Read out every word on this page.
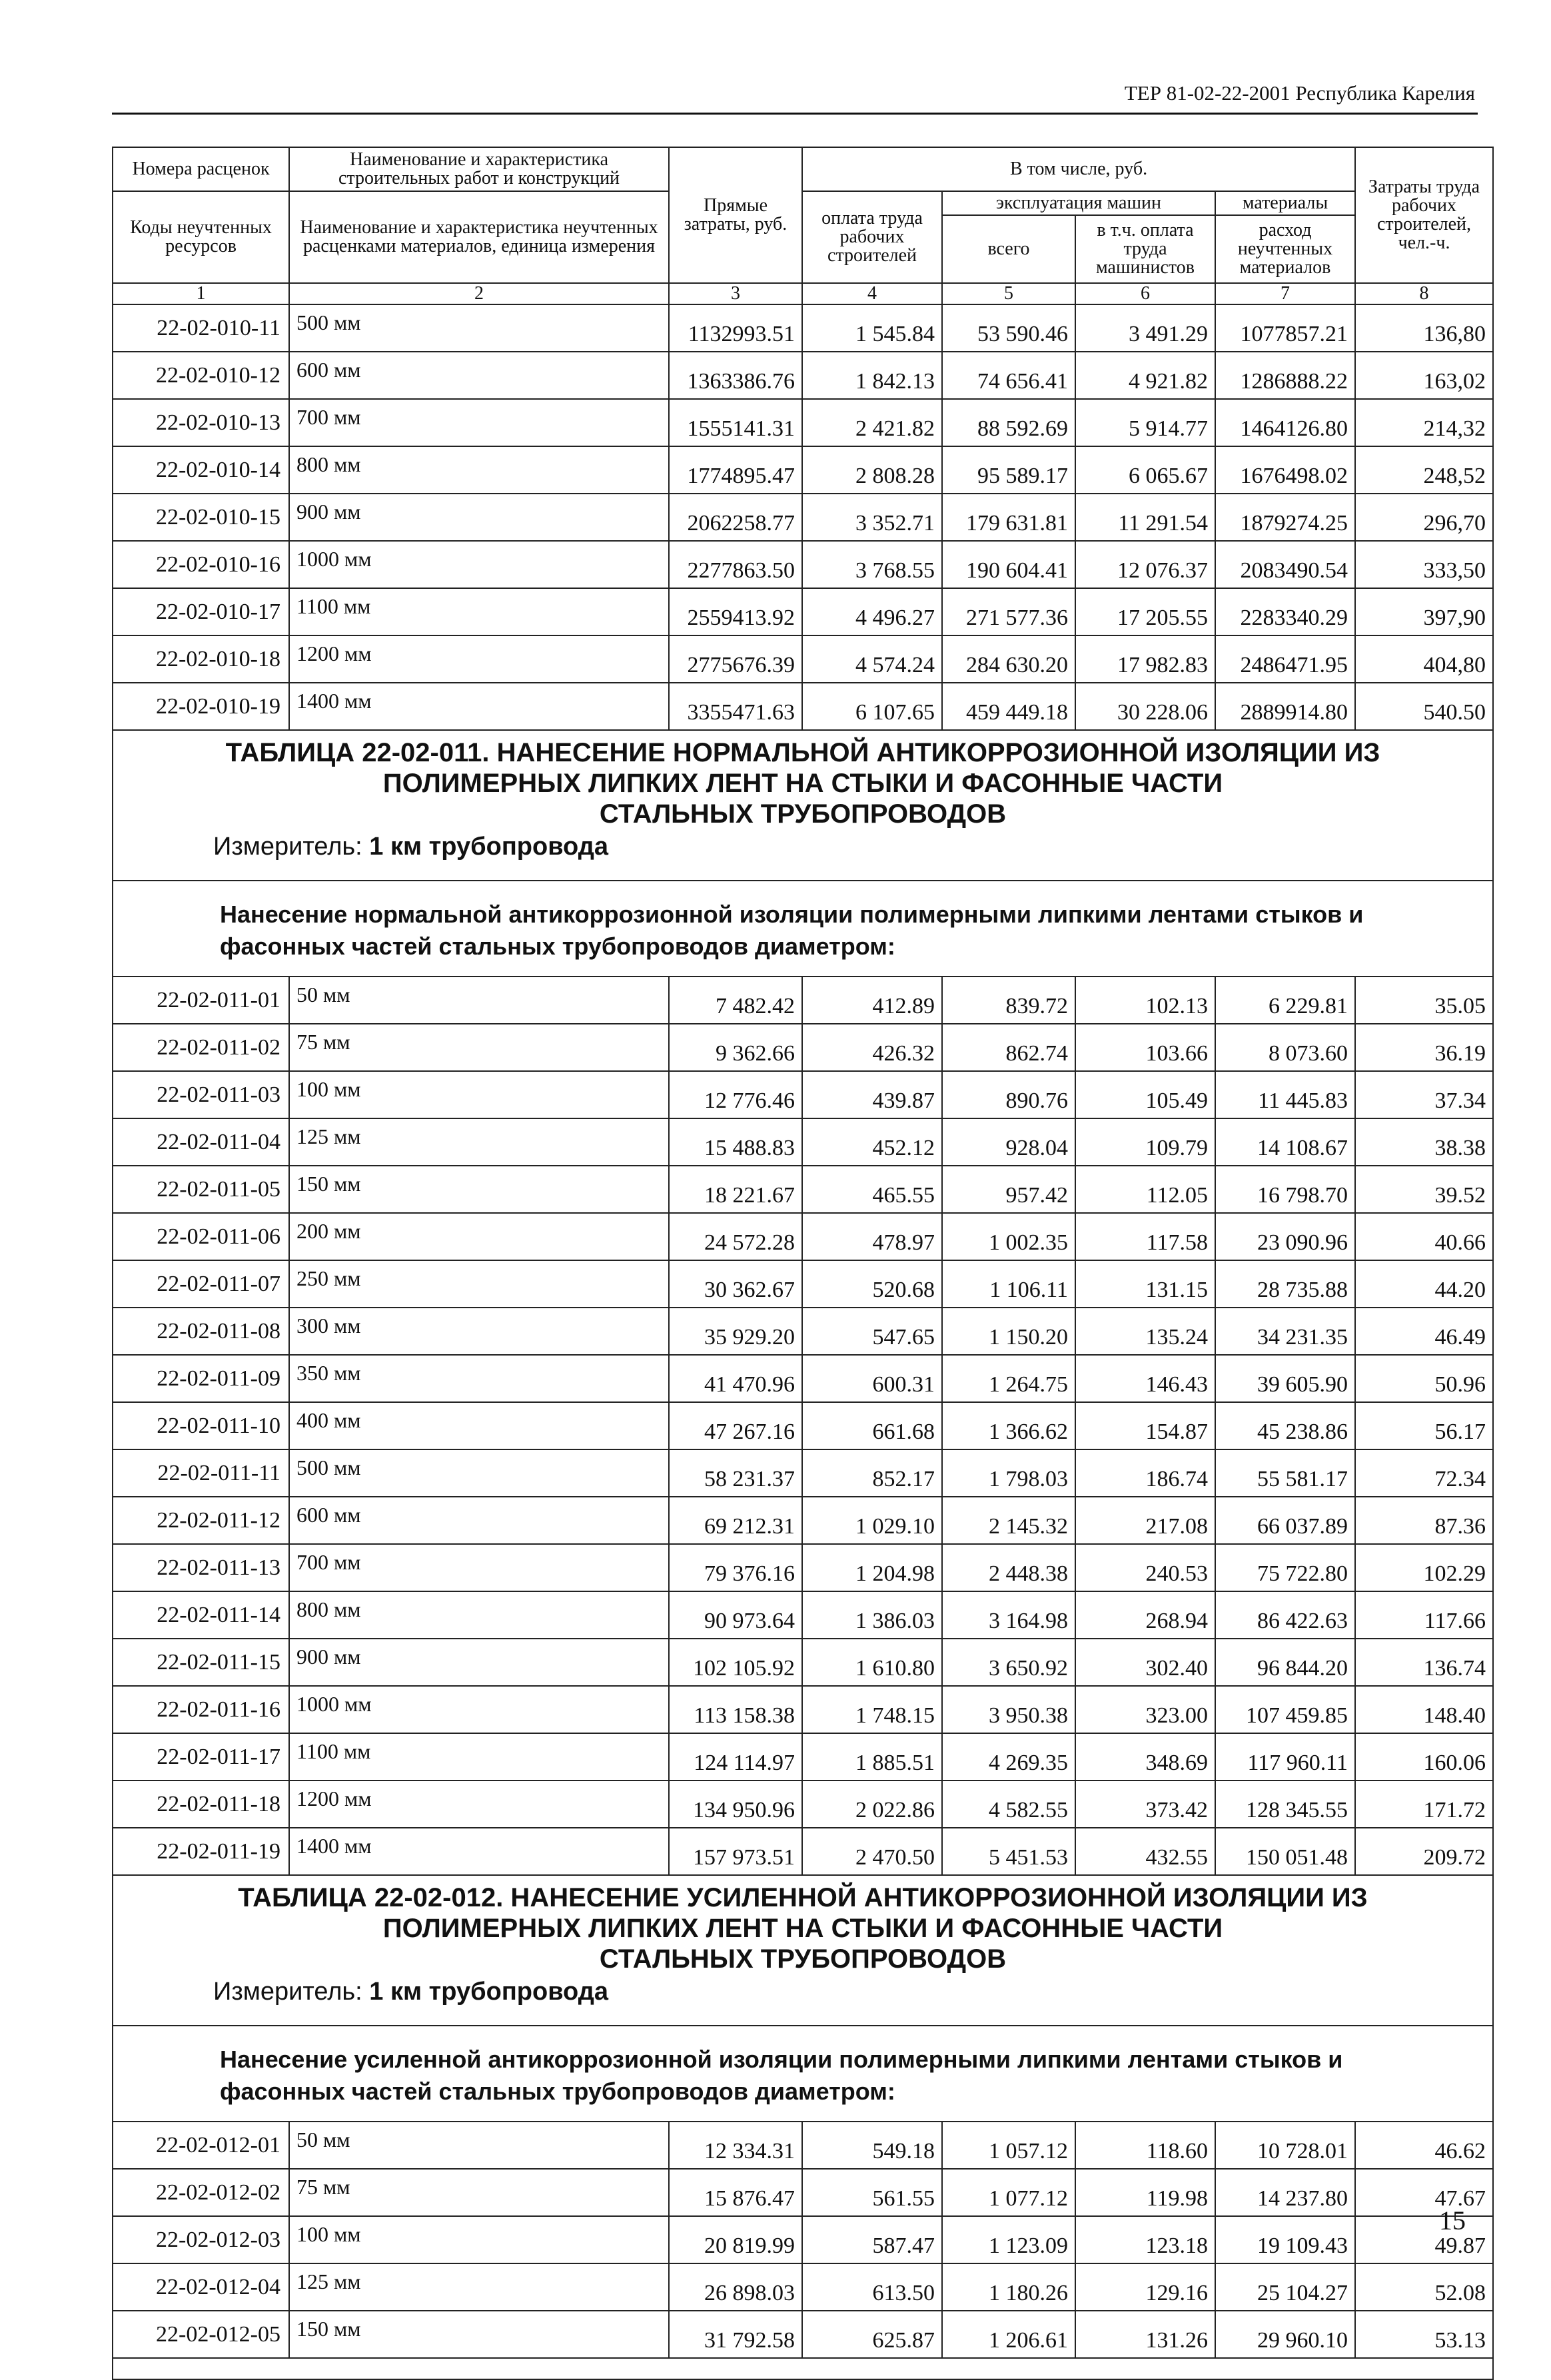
ТЕР 81-02-22-2001 Республика Карелия
Номера расценок	Наименование и характеристика строительных работ и конструкций	Прямые затраты, руб.	В том числе, руб.				Затраты труда рабочих строителей, чел.-ч.
Коды неучтенных ресурсов	Наименование и характеристика неучтенных расценками материалов, единица измерения		оплата труда рабочих строителей	эксплуатация машин		материалы	
				всего	в т.ч. оплата труда машинистов	расход неучтенных материалов	
1	2	3	4	5	6	7	8
22-02-010-11	500 мм	1132993.51	1 545.84	53 590.46	3 491.29	1077857.21	136,80
22-02-010-12	600 мм	1363386.76	1 842.13	74 656.41	4 921.82	1286888.22	163,02
22-02-010-13	700 мм	1555141.31	2 421.82	88 592.69	5 914.77	1464126.80	214,32
22-02-010-14	800 мм	1774895.47	2 808.28	95 589.17	6 065.67	1676498.02	248,52
22-02-010-15	900 мм	2062258.77	3 352.71	179 631.81	11 291.54	1879274.25	296,70
22-02-010-16	1000 мм	2277863.50	3 768.55	190 604.41	12 076.37	2083490.54	333,50
22-02-010-17	1100 мм	2559413.92	4 496.27	271 577.36	17 205.55	2283340.29	397,90
22-02-010-18	1200 мм	2775676.39	4 574.24	284 630.20	17 982.83	2486471.95	404,80
22-02-010-19	1400 мм	3355471.63	6 107.65	459 449.18	30 228.06	2889914.80	540.50

ТАБЛИЦА 22-02-011. НАНЕСЕНИЕ НОРМАЛЬНОЙ АНТИКОРРОЗИОННОЙ ИЗОЛЯЦИИ ИЗ
ПОЛИМЕРНЫХ ЛИПКИХ ЛЕНТ НА СТЫКИ И ФАСОННЫЕ ЧАСТИ
СТАЛЬНЫХ ТРУБОПРОВОДОВ
Измеритель: 1 км трубопровода							

Нанесение нормальной антикоррозионной изоляции полимерными липкими лентами стыков и
фасонных частей стальных трубопроводов диаметром:							

22-02-011-01	50 мм	7 482.42	412.89	839.72	102.13	6 229.81	35.05
22-02-011-02	75 мм	9 362.66	426.32	862.74	103.66	8 073.60	36.19
22-02-011-03	100 мм	12 776.46	439.87	890.76	105.49	11 445.83	37.34
22-02-011-04	125 мм	15 488.83	452.12	928.04	109.79	14 108.67	38.38
22-02-011-05	150 мм	18 221.67	465.55	957.42	112.05	16 798.70	39.52
22-02-011-06	200 мм	24 572.28	478.97	1 002.35	117.58	23 090.96	40.66
22-02-011-07	250 мм	30 362.67	520.68	1 106.11	131.15	28 735.88	44.20
22-02-011-08	300 мм	35 929.20	547.65	1 150.20	135.24	34 231.35	46.49
22-02-011-09	350 мм	41 470.96	600.31	1 264.75	146.43	39 605.90	50.96
22-02-011-10	400 мм	47 267.16	661.68	1 366.62	154.87	45 238.86	56.17
22-02-011-11	500 мм	58 231.37	852.17	1 798.03	186.74	55 581.17	72.34
22-02-011-12	600 мм	69 212.31	1 029.10	2 145.32	217.08	66 037.89	87.36
22-02-011-13	700 мм	79 376.16	1 204.98	2 448.38	240.53	75 722.80	102.29
22-02-011-14	800 мм	90 973.64	1 386.03	3 164.98	268.94	86 422.63	117.66
22-02-011-15	900 мм	102 105.92	1 610.80	3 650.92	302.40	96 844.20	136.74
22-02-011-16	1000 мм	113 158.38	1 748.15	3 950.38	323.00	107 459.85	148.40
22-02-011-17	1100 мм	124 114.97	1 885.51	4 269.35	348.69	117 960.11	160.06
22-02-011-18	1200 мм	134 950.96	2 022.86	4 582.55	373.42	128 345.55	171.72
22-02-011-19	1400 мм	157 973.51	2 470.50	5 451.53	432.55	150 051.48	209.72

ТАБЛИЦА 22-02-012. НАНЕСЕНИЕ УСИЛЕННОЙ АНТИКОРРОЗИОННОЙ ИЗОЛЯЦИИ ИЗ
ПОЛИМЕРНЫХ ЛИПКИХ ЛЕНТ НА СТЫКИ И ФАСОННЫЕ ЧАСТИ
СТАЛЬНЫХ ТРУБОПРОВОДОВ
Измеритель: 1 км трубопровода							

Нанесение усиленной антикоррозионной изоляции полимерными липкими лентами стыков и
фасонных частей стальных трубопроводов диаметром:							

22-02-012-01	50 мм	12 334.31	549.18	1 057.12	118.60	10 728.01	46.62
22-02-012-02	75 мм	15 876.47	561.55	1 077.12	119.98	14 237.80	47.67
22-02-012-03	100 мм	20 819.99	587.47	1 123.09	123.18	19 109.43	49.87
22-02-012-04	125 мм	26 898.03	613.50	1 180.26	129.16	25 104.27	52.08
22-02-012-05	150 мм	31 792.58	625.87	1 206.61	131.26	29 960.10	53.13

15
